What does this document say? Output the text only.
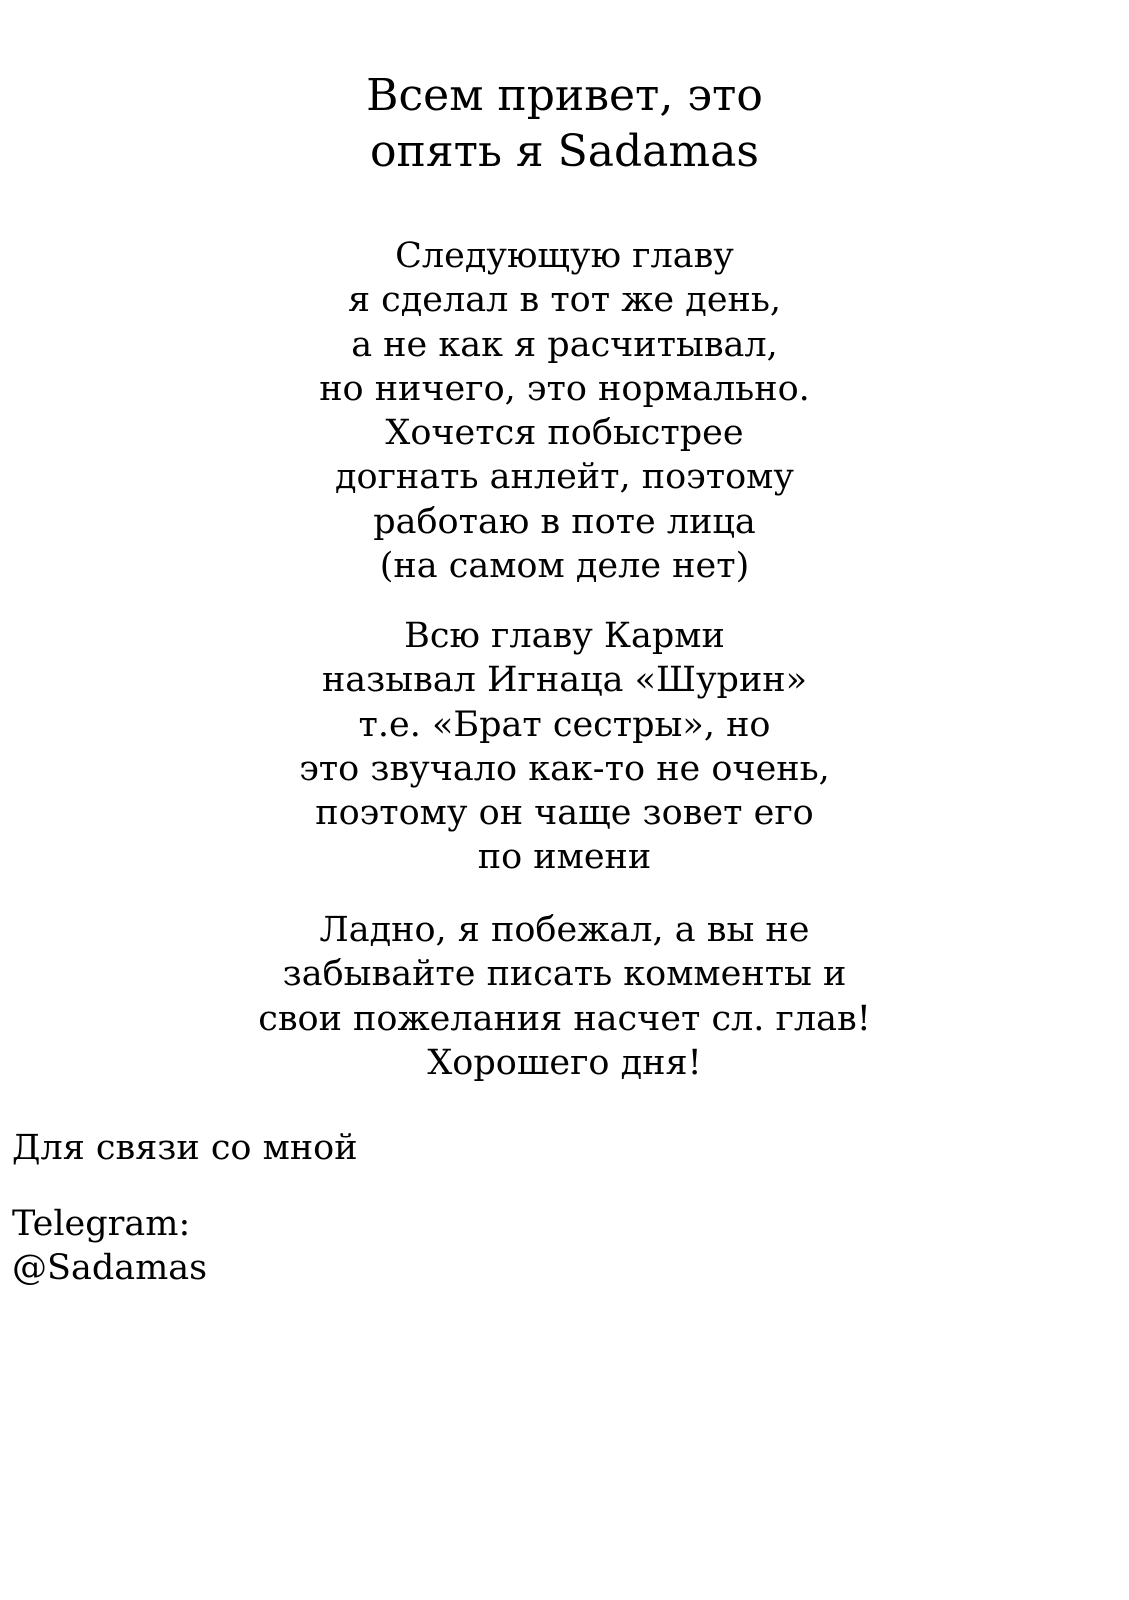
Всем привет, это
опять я Sadamas
Следующую главу
я сделал в тот же день,
а не как я расчитывал,
но ничего, это нормально.
Хочется побыстрее
догнать анлейт, поэтому
работаю в поте лица
(на самом деле нет)
Всю главу Карми
называл Игнаца «Шурин»
т.е. «Брат сестры», но
это звучало как-то не очень,
поэтому он чаще зовет его
по имени
Ладно, я побежал, а вы не
забывайте писать комменты и
свои пожелания насчет сл. глав!
Хорошего дня!
Для связи со мной
Telegram:
@Sadamas
